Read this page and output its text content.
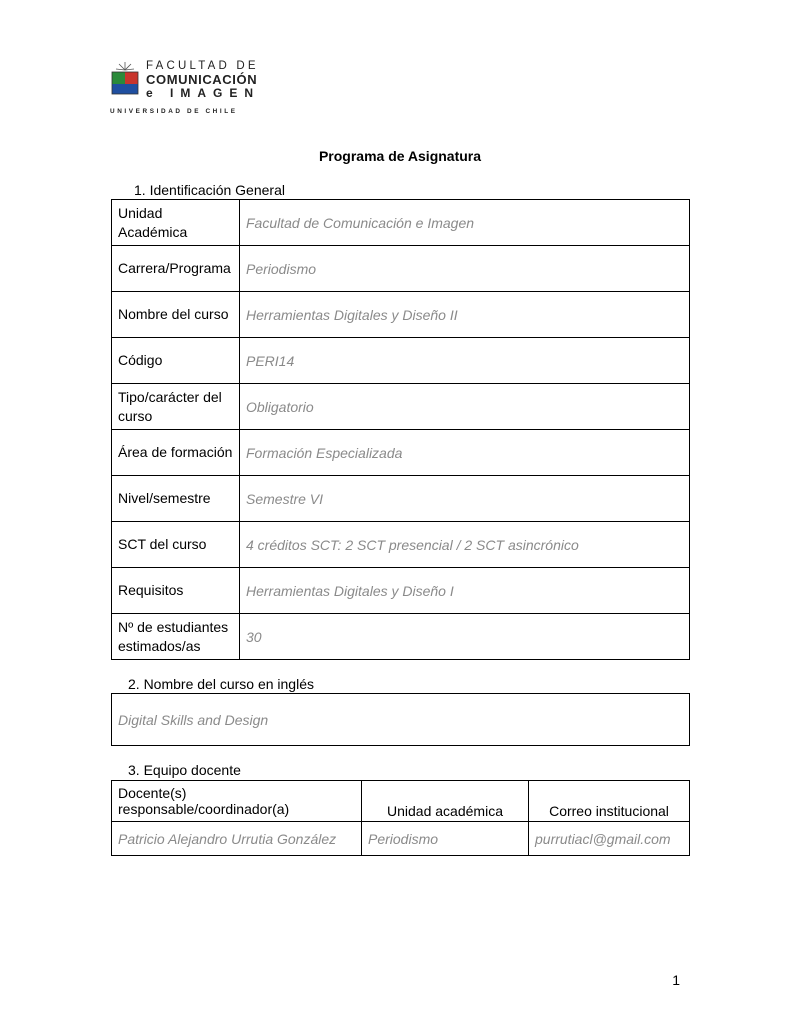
FACULTAD DE
COMUNICACIÓN
e IMAGEN
UNIVERSIDAD DE CHILE
Programa de Asignatura
1. Identificación General
Unidad Académica	Facultad de Comunicación e Imagen
Carrera/Programa	Periodismo
Nombre del curso	Herramientas Digitales y Diseño II
Código	PERI14
Tipo/carácter del curso	Obligatorio
Área de formación	Formación Especializada
Nivel/semestre	Semestre VI
SCT del curso	4 créditos SCT: 2 SCT presencial / 2 SCT asincrónico
Requisitos	Herramientas Digitales y Diseño I
Nº de estudiantes estimados/as	30
2. Nombre del curso en inglés
Digital Skills and Design
3. Equipo docente
Docente(s) responsable/coordinador(a)	Unidad académica	Correo institucional
Patricio Alejandro Urrutia González	Periodismo	purrutiacl@gmail.com
1
